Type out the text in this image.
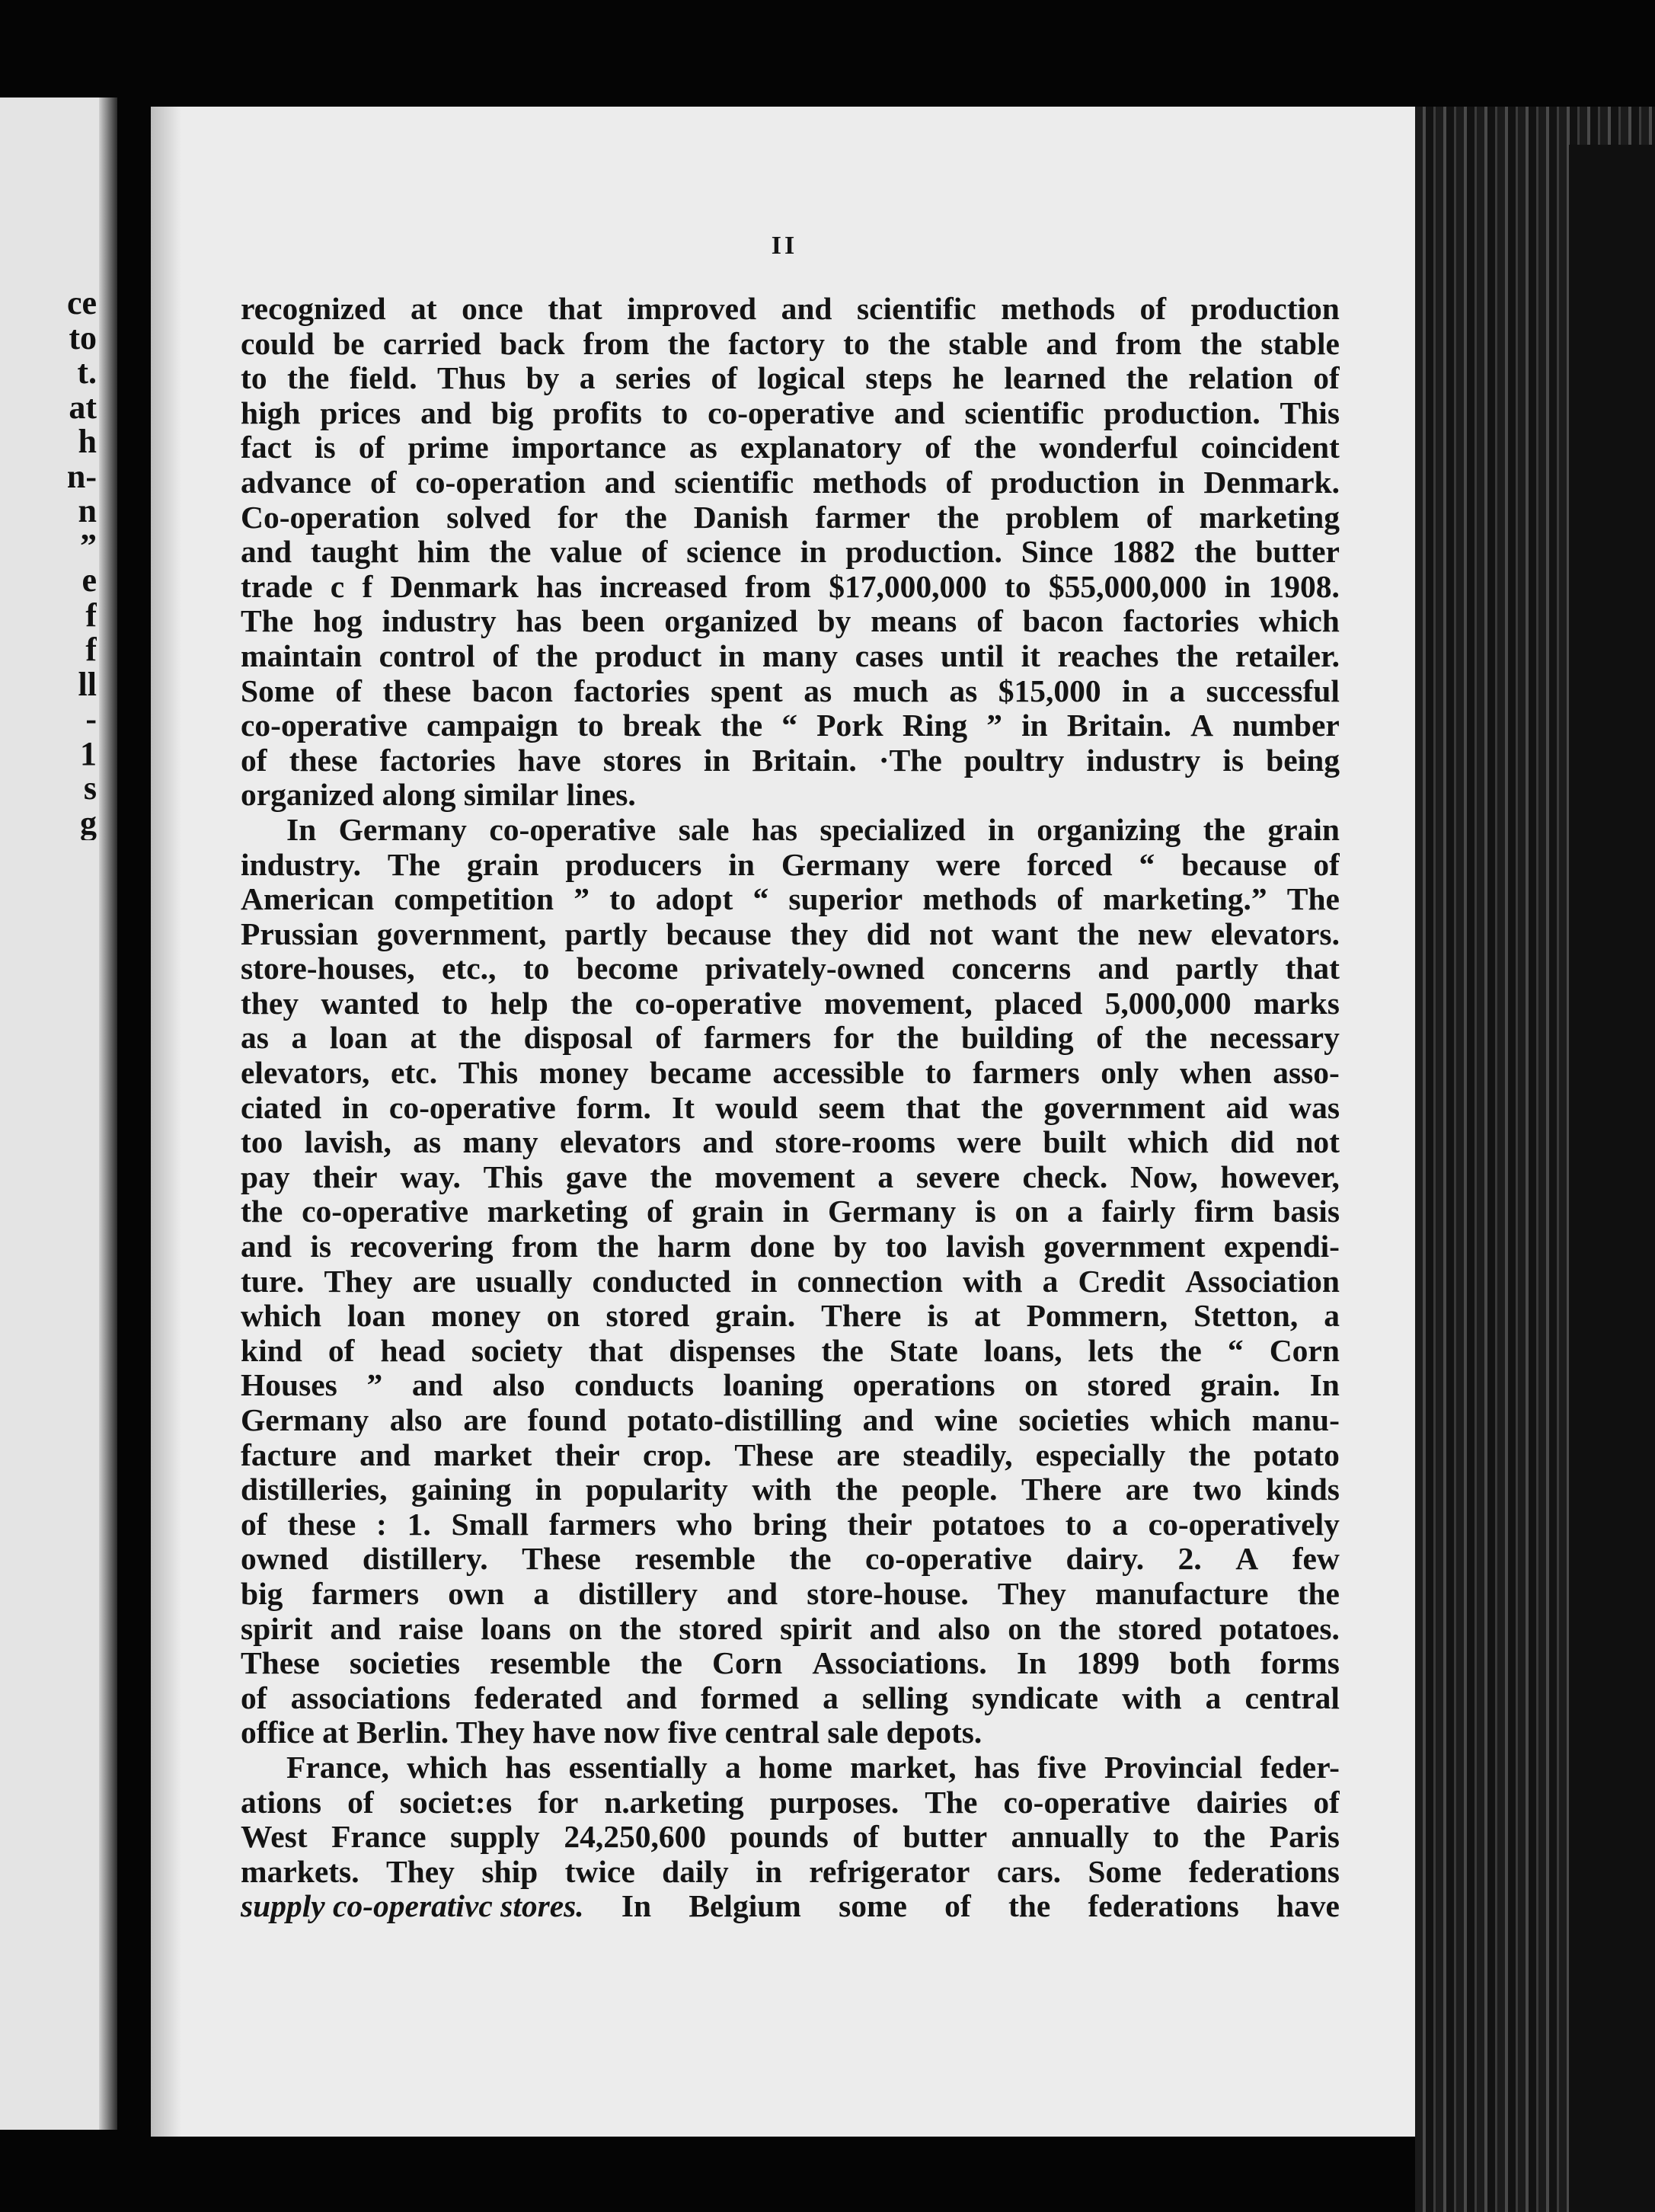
ce
to
t.
at
h
n-
n
”
e
f
f
ll
-
1
s
g
II
recognized at once that improved and scientific methods of production
could be carried back from the factory to the stable and from the stable
to the field. Thus by a series of logical steps he learned the relation of
high prices and big profits to co-operative and scientific production. This
fact is of prime importance as explanatory of the wonderful coincident
advance of co-operation and scientific methods of production in Denmark.
Co-operation solved for the Danish farmer the problem of marketing
and taught him the value of science in production. Since 1882 the butter
trade c f Denmark has increased from $17,000,000 to $55,000,000 in 1908.
The hog industry has been organized by means of bacon factories which
maintain control of the product in many cases until it reaches the retailer.
Some of these bacon factories spent as much as $15,000 in a successful
co-operative campaign to break the “ Pork Ring ” in Britain. A number
of these factories have stores in Britain. ·The poultry industry is being
organized along similar lines.
In Germany co-operative sale has specialized in organizing the grain
industry. The grain producers in Germany were forced “ because of
American competition ” to adopt “ superior methods of marketing.” The
Prussian government, partly because they did not want the new elevators.
store-houses, etc., to become privately-owned concerns and partly that
they wanted to help the co-operative movement, placed 5,000,000 marks
as a loan at the disposal of farmers for the building of the necessary
elevators, etc. This money became accessible to farmers only when asso-
ciated in co-operative form. It would seem that the government aid was
too lavish, as many elevators and store-rooms were built which did not
pay their way. This gave the movement a severe check. Now, however,
the co-operative marketing of grain in Germany is on a fairly firm basis
and is recovering from the harm done by too lavish government expendi-
ture. They are usually conducted in connection with a Credit Association
which loan money on stored grain. There is at Pommern, Stetton, a
kind of head society that dispenses the State loans, lets the “ Corn
Houses ” and also conducts loaning operations on stored grain. In
Germany also are found potato-distilling and wine societies which manu-
facture and market their crop. These are steadily, especially the potato
distilleries, gaining in popularity with the people. There are two kinds
of these : 1. Small farmers who bring their potatoes to a co-operatively
owned distillery. These resemble the co-operative dairy. 2. A few
big farmers own a distillery and store-house. They manufacture the
spirit and raise loans on the stored spirit and also on the stored potatoes.
These societies resemble the Corn Associations. In 1899 both forms
of associations federated and formed a selling syndicate with a central
office at Berlin. They have now five central sale depots.
France, which has essentially a home market, has five Provincial feder-
ations of societ:es for n.arketing purposes. The co-operative dairies of
West France supply 24,250,600 pounds of butter annually to the Paris
markets. They ship twice daily in refrigerator cars. Some federations
supply co-operativc stores. In Belgium some of the federations have
